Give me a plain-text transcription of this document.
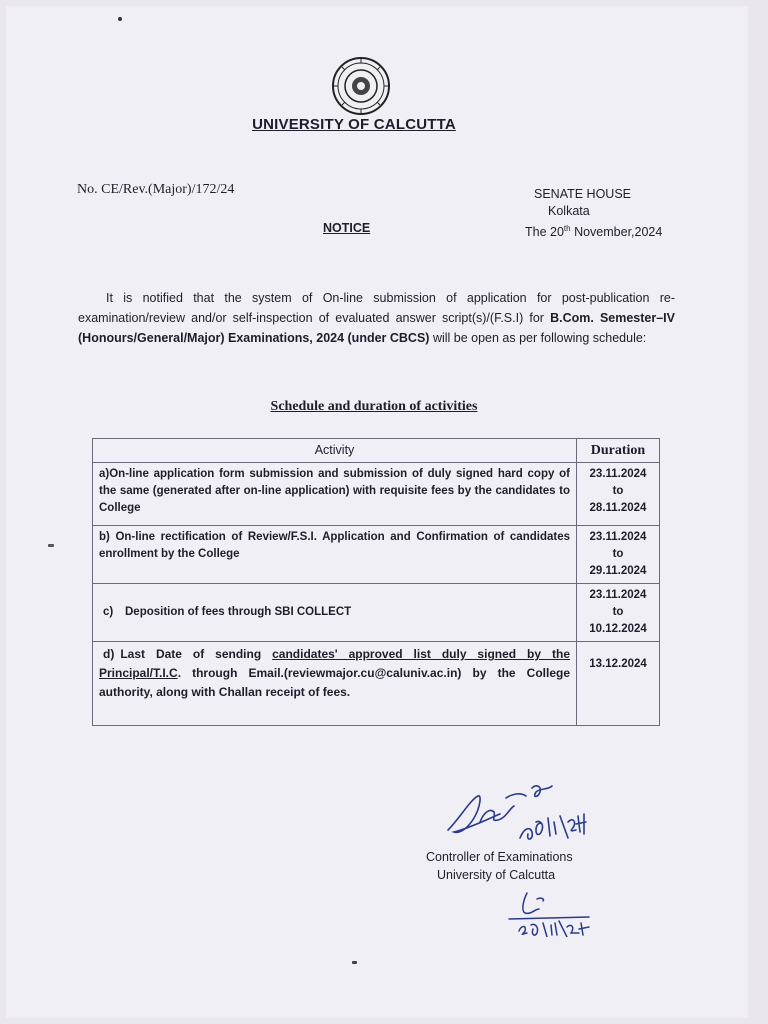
UNIVERSITY OF CALCUTTA
No. CE/Rev.(Major)/172/24	SENATE HOUSE
Kolkata
The 20th November,2024
NOTICE
It is notified that the system of On-line submission of application for post-publication re-examination/review and/or self-inspection of evaluated answer script(s)/(F.S.I) for B.Com. Semester–IV (Honours/General/Major) Examinations, 2024 (under CBCS) will be open as per following schedule:
Schedule and duration of activities
Activity	Duration
a)On-line application form submission and submission of duly signed hard copy of the same (generated after on-line application) with requisite fees by the candidates to College	23.11.2024
to
28.11.2024

b) On-line rectification of Review/F.S.I. Application and Confirmation of candidates enrollment by the College	23.11.2024
to
29.11.2024

c) Deposition of fees through SBI COLLECT	23.11.2024
to
10.12.2024

d) Last Date of sending candidates' approved list duly signed by the Principal/T.I.C. through Email.(reviewmajor.cu@caluniv.ac.in) by the College authority, along with Challan receipt of fees.	13.12.2024
Controller of Examinations
University of Calcutta
